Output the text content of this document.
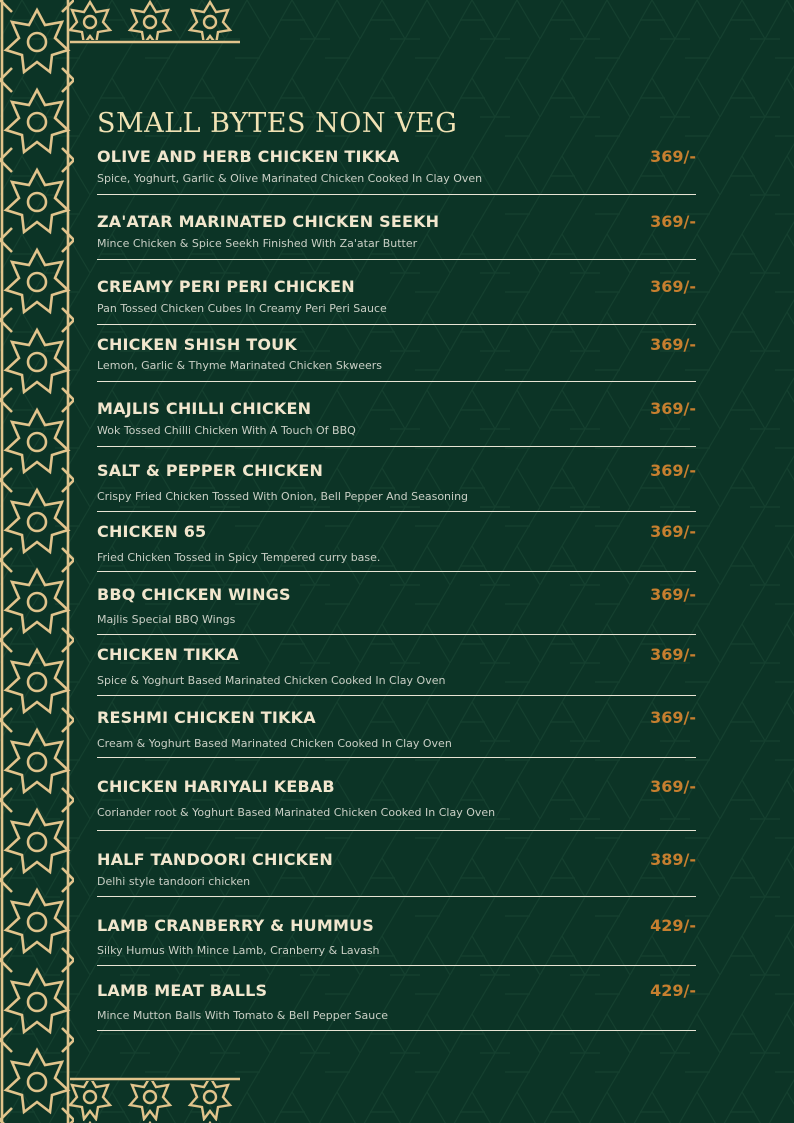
SMALL BYTES NON VEG
OLIVE AND HERB CHICKEN TIKKA
Spice, Yoghurt, Garlic & Olive Marinated Chicken Cooked In Clay Oven
369/-
ZA'ATAR MARINATED CHICKEN SEEKH
Mince Chicken & Spice Seekh Finished With Za'atar Butter
369/-
CREAMY PERI PERI CHICKEN
Pan Tossed Chicken Cubes In Creamy Peri Peri Sauce
369/-
CHICKEN SHISH TOUK
Lemon, Garlic & Thyme Marinated Chicken Skweers
369/-
MAJLIS CHILLI CHICKEN
Wok Tossed Chilli Chicken With A Touch Of BBQ
369/-
SALT & PEPPER CHICKEN
Crispy Fried Chicken Tossed With Onion, Bell Pepper And Seasoning
369/-
CHICKEN 65
Fried Chicken Tossed in Spicy Tempered curry base.
369/-
BBQ CHICKEN WINGS
Majlis Special BBQ Wings
369/-
CHICKEN TIKKA
Spice & Yoghurt Based Marinated Chicken Cooked In Clay Oven
369/-
RESHMI CHICKEN TIKKA
Cream & Yoghurt Based Marinated Chicken Cooked In Clay Oven
369/-
CHICKEN HARIYALI KEBAB
Coriander root & Yoghurt Based Marinated Chicken Cooked In Clay Oven
369/-
HALF TANDOORI CHICKEN
Delhi style tandoori chicken
389/-
LAMB CRANBERRY & HUMMUS
Silky Humus With Mince Lamb, Cranberry & Lavash
429/-
LAMB MEAT BALLS
Mince Mutton Balls With Tomato & Bell Pepper Sauce
429/-
